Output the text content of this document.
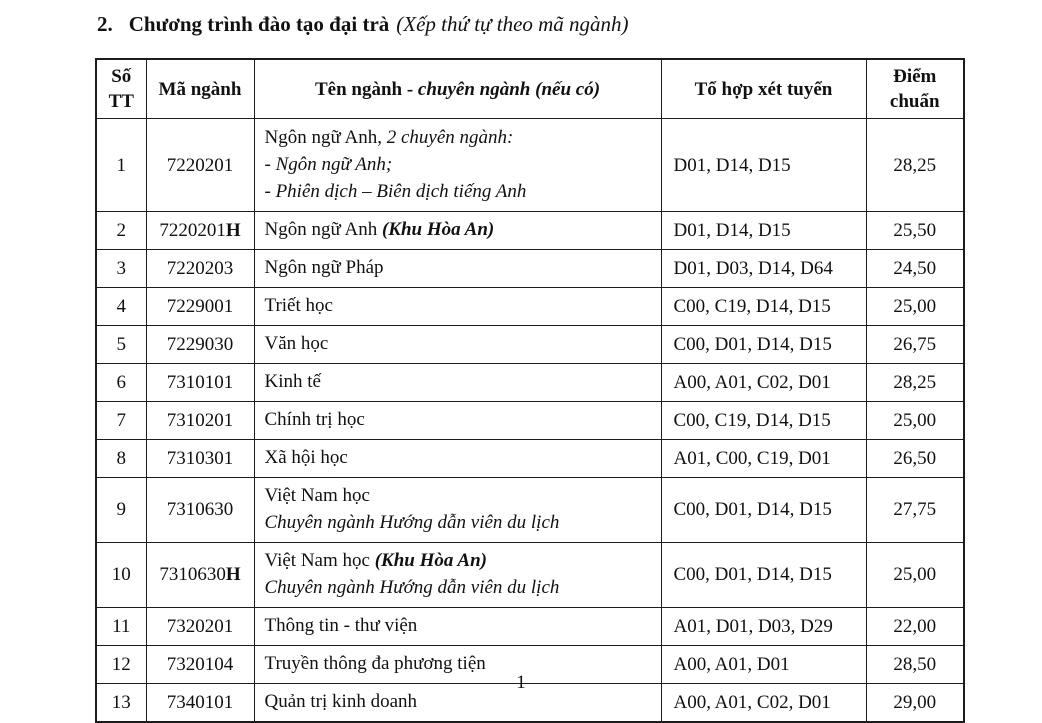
2. Chương trình đào tạo đại trà (Xếp thứ tự theo mã ngành)
Số TT	Mã ngành	Tên ngành - chuyên ngành (nếu có)	Tổ hợp xét tuyển	Điểm chuẩn
1	7220201	Ngôn ngữ Anh, 2 chuyên ngành:
- Ngôn ngữ Anh;
- Phiên dịch – Biên dịch tiếng Anh	D01, D14, D15	28,25
2	7220201H	Ngôn ngữ Anh (Khu Hòa An)	D01, D14, D15	25,50
3	7220203	Ngôn ngữ Pháp	D01, D03, D14, D64	24,50
4	7229001	Triết học	C00, C19, D14, D15	25,00
5	7229030	Văn học	C00, D01, D14, D15	26,75
6	7310101	Kinh tế	A00, A01, C02, D01	28,25
7	7310201	Chính trị học	C00, C19, D14, D15	25,00
8	7310301	Xã hội học	A01, C00, C19, D01	26,50
9	7310630	Việt Nam học
Chuyên ngành Hướng dẫn viên du lịch	C00, D01, D14, D15	27,75
10	7310630H	Việt Nam học (Khu Hòa An)
Chuyên ngành Hướng dẫn viên du lịch	C00, D01, D14, D15	25,00
11	7320201	Thông tin - thư viện	A01, D01, D03, D29	22,00
12	7320104	Truyền thông đa phương tiện	A00, A01, D01	28,50
13	7340101	Quản trị kinh doanh	A00, A01, C02, D01	29,00
1
